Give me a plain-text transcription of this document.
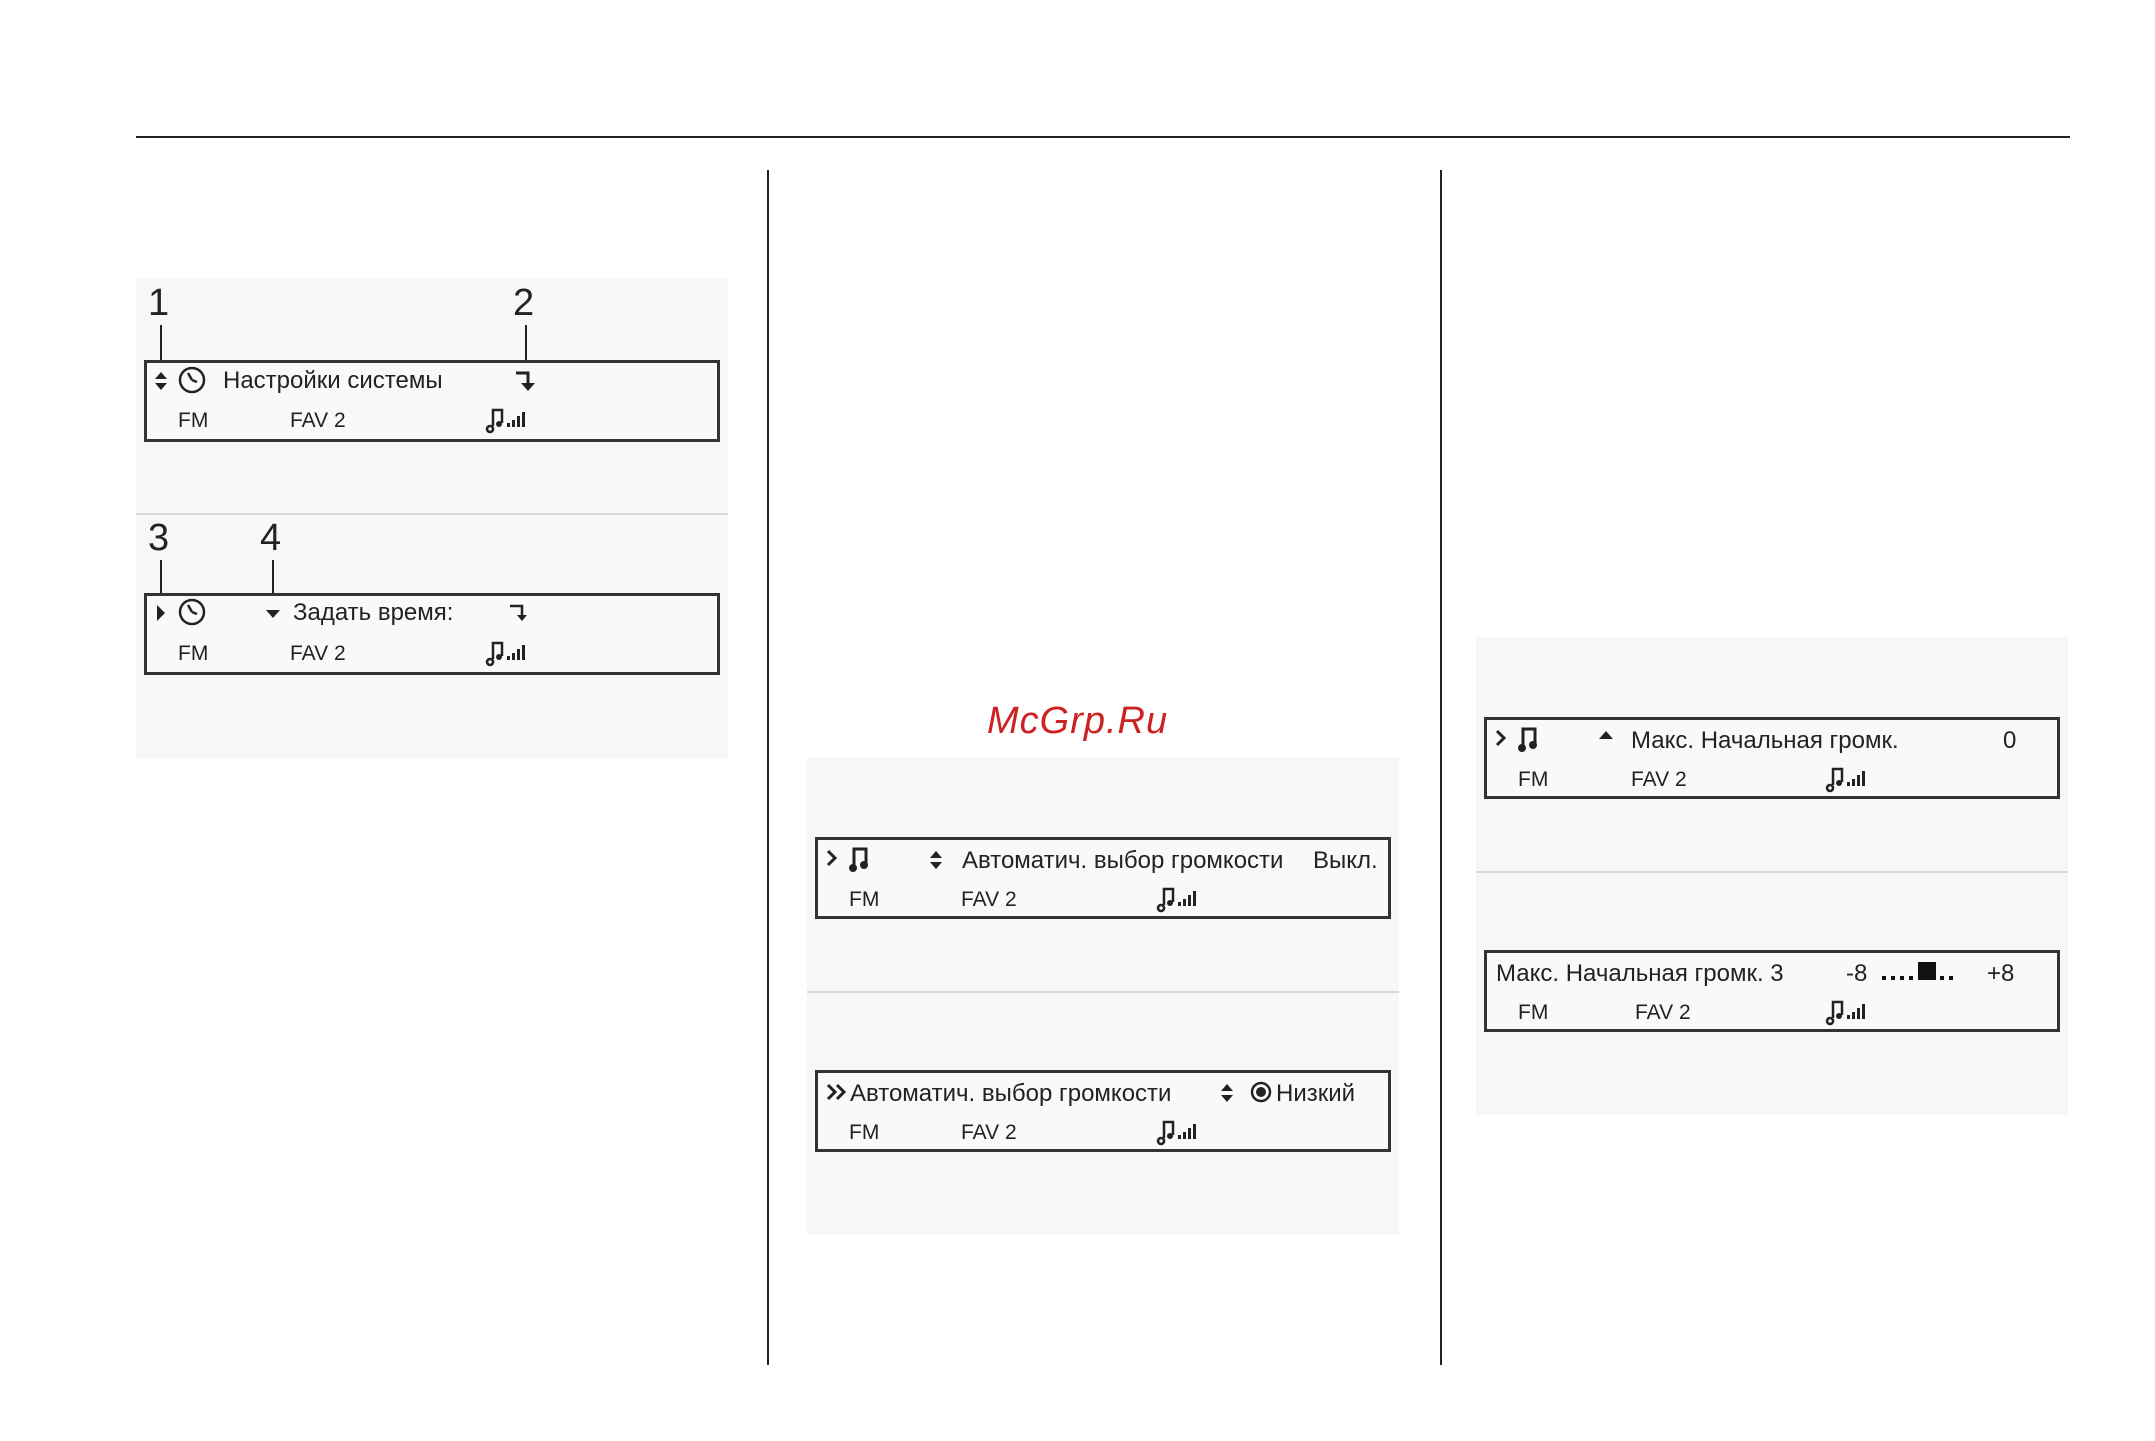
McGrp.Ru
1	2
3 4
Настройки системы
FM	FAV 2
Задать время:
FM	FAV 2
Автоматич. выбор громкости Выкл.
FM	FAV 2
Автоматич. выбор громкости	Низкий
FM	FAV 2
Макс. Начальная громк.	0
FM	FAV 2
Макс. Начальная громк. 3	-8	+8
FM	FAV 2
